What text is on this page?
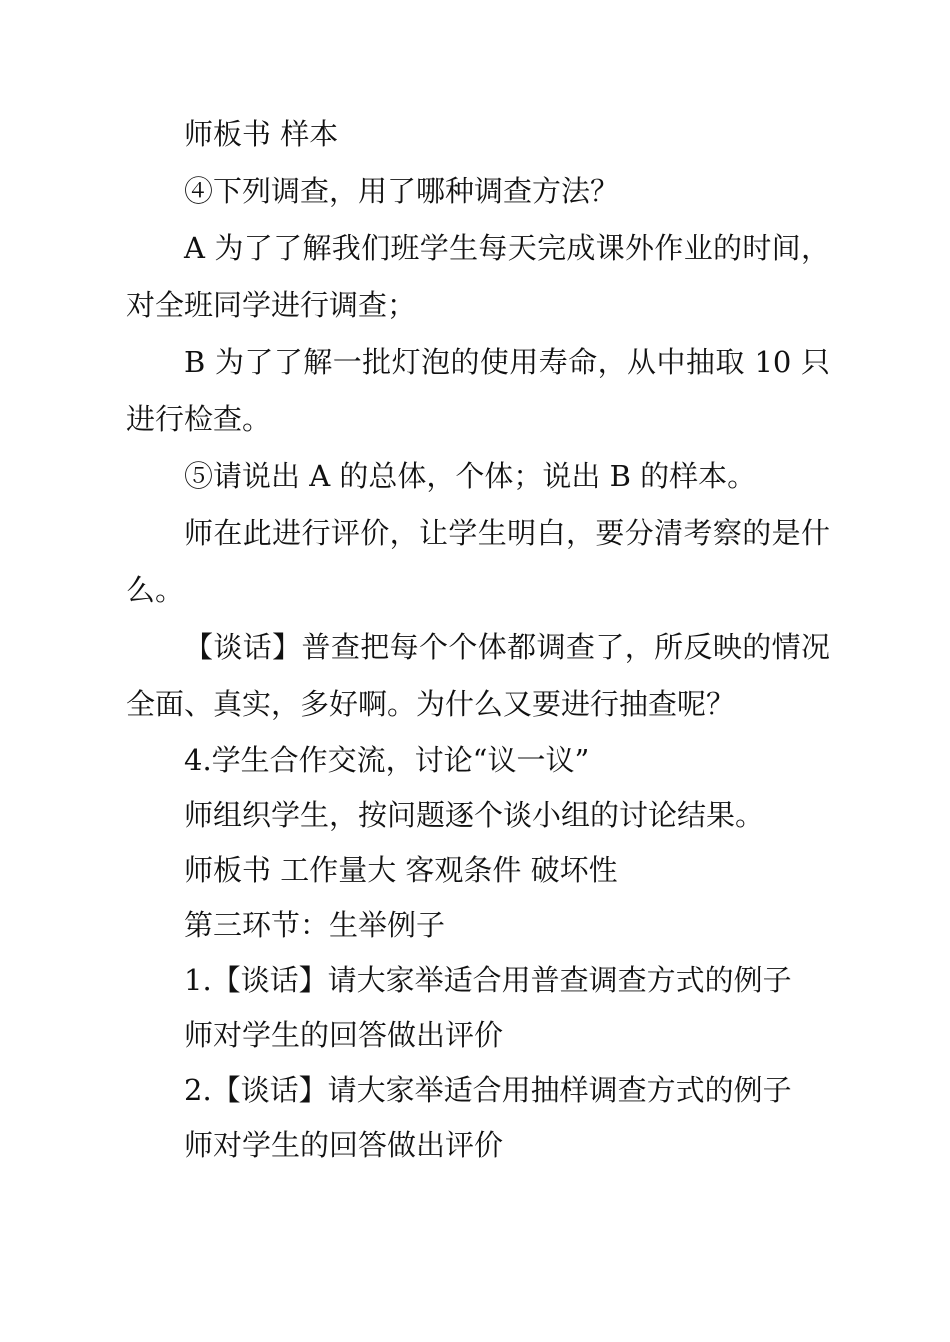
师板书 样本

④下列调查，用了哪种调查方法？

A 为了了解我们班学生每天完成课外作业的时间，对全班同学进行调查；

B 为了了解一批灯泡的使用寿命，从中抽取 10 只进行检查。

⑤请说出 A 的总体，个体；说出 B 的样本。

师在此进行评价，让学生明白，要分清考察的是什么。

【谈话】普查把每个个体都调查了，所反映的情况全面、真实，多好啊。为什么又要进行抽查呢？

4.学生合作交流，讨论“议一议”

师组织学生，按问题逐个谈小组的讨论结果。

师板书 工作量大 客观条件 破坏性

第三环节：生举例子

1.【谈话】请大家举适合用普查调查方式的例子

师对学生的回答做出评价

2.【谈话】请大家举适合用抽样调查方式的例子

师对学生的回答做出评价
